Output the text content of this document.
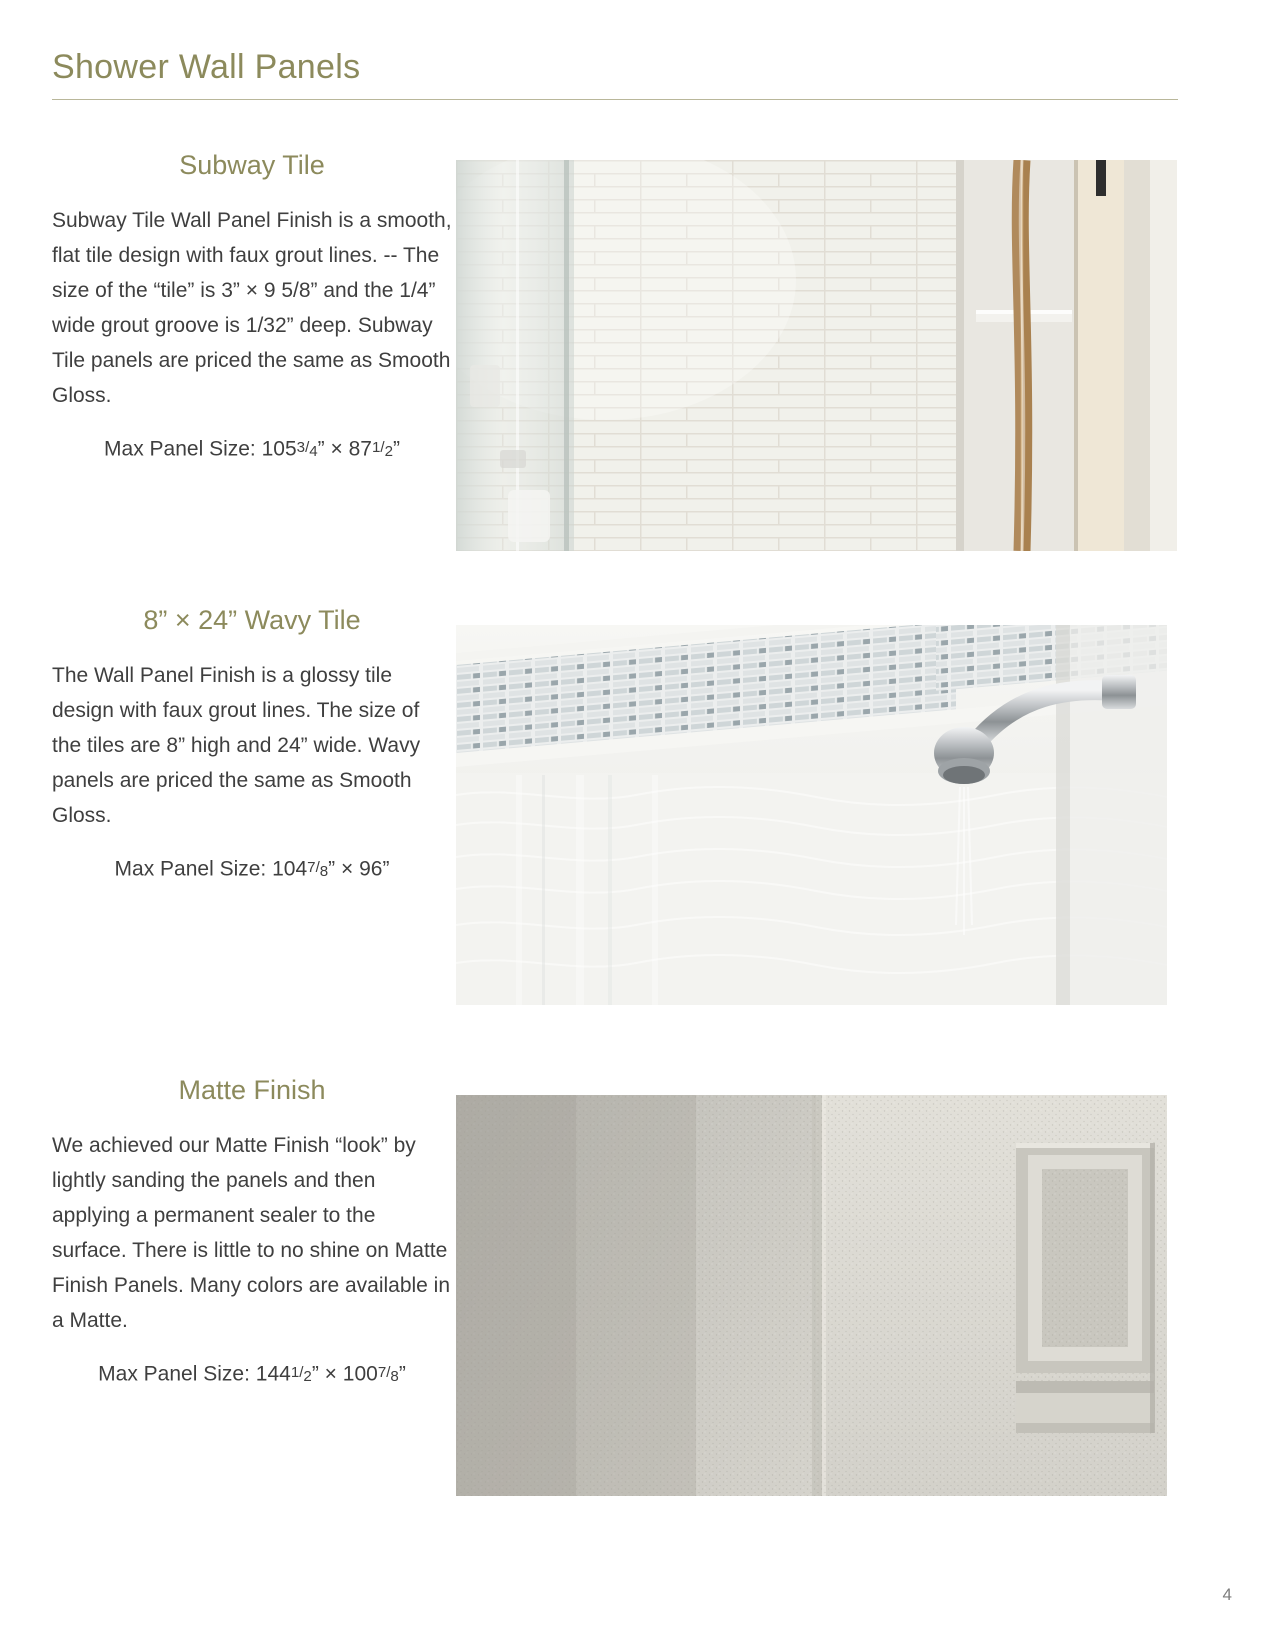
Shower Wall Panels
Subway Tile
Subway Tile Wall Panel Finish is a smooth, flat tile design with faux grout lines. -- The size of the “tile” is 3” × 9 5/8” and the 1/4” wide grout groove is 1/32” deep. Subway Tile panels are priced the same as Smooth Gloss.
Max Panel Size: 1053/4” × 871/2”
8” × 24” Wavy Tile
The Wall Panel Finish is a glossy tile design with faux grout lines. The size of the tiles are 8” high and 24” wide. Wavy panels are priced the same as Smooth Gloss.
Max Panel Size: 1047/8” × 96”
Matte Finish
We achieved our Matte Finish “look” by lightly sanding the panels and then applying a permanent sealer to the surface. There is little to no shine on Matte Finish Panels. Many colors are available in a Matte.
Max Panel Size: 1441/2” × 1007/8”
4
